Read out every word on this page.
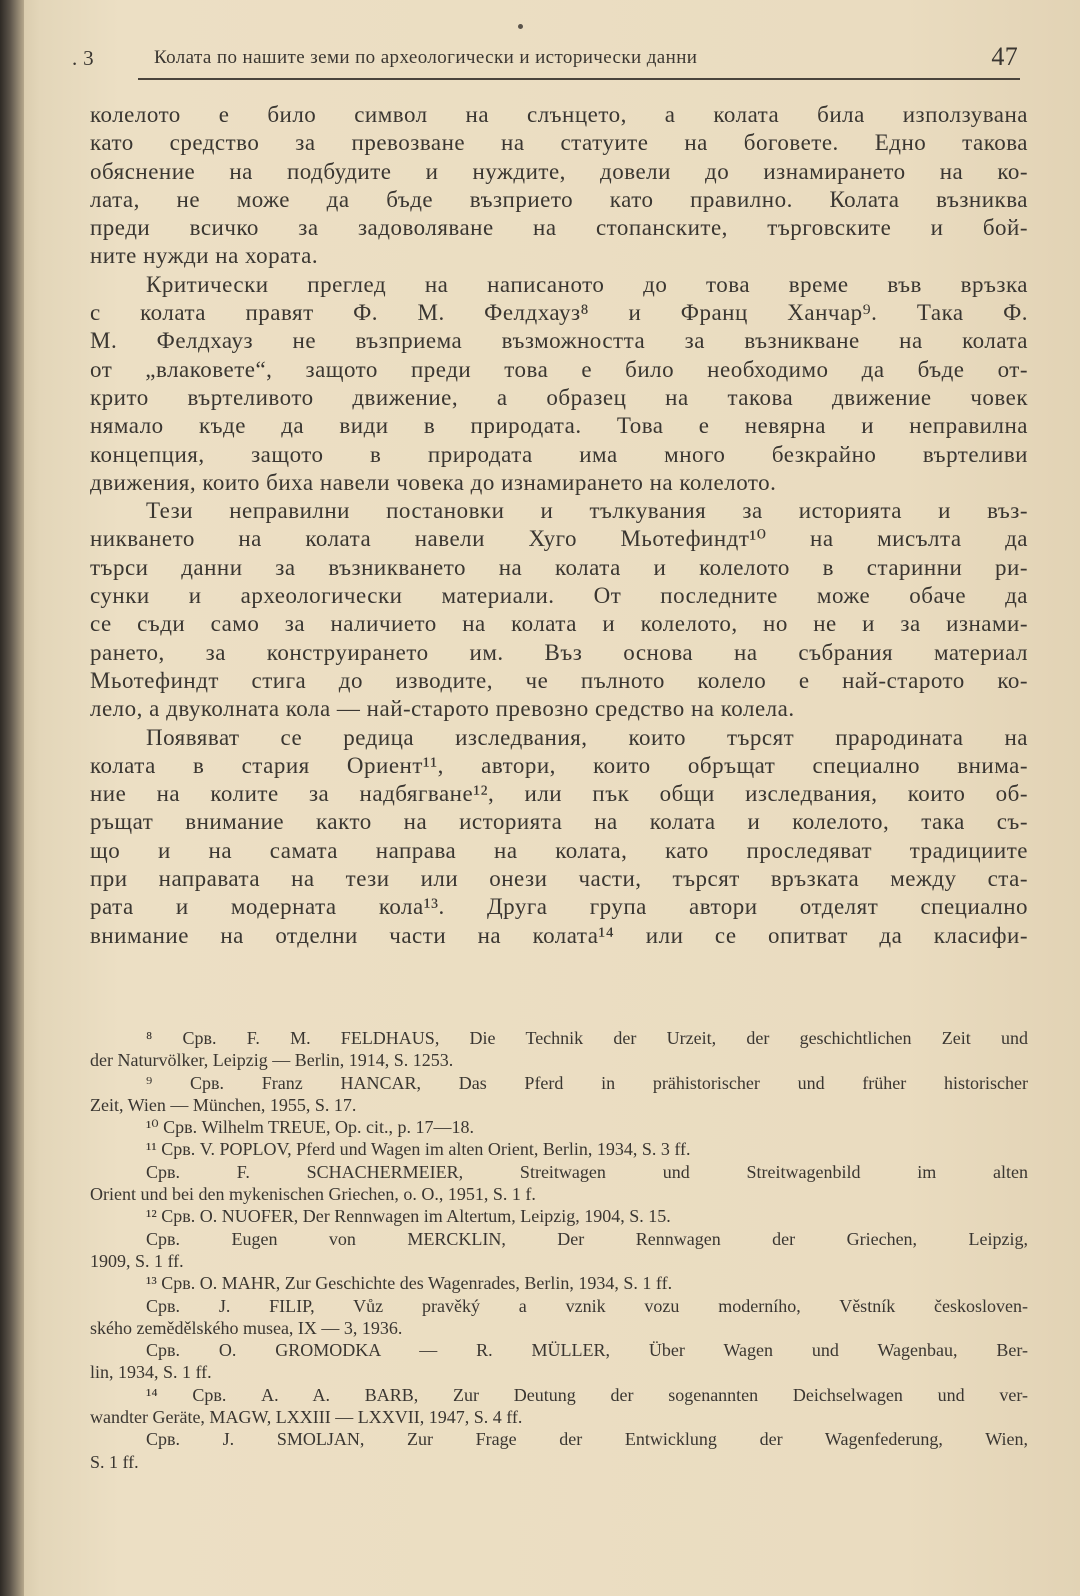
. 3	Колата по нашите земи по археологически и исторически данни	47
колелото е било символ на слънцето, а колата била използувана
като средство за превозване на статуите на боговете. Едно такова
обяснение на подбудите и нуждите, довели до изнамирането на ко-
лата, не може да бъде възприето като правилно. Колата възниква
преди всичко за задоволяване на стопанските, търговските и бой-
ните нужди на хората.
Критически преглед на написаното до това време във връзка
с колата правят Ф. М. Фелдхауз⁸ и Франц Ханчар⁹. Така Ф.
М. Фелдхауз не възприема възможността за възникване на колата
от „влаковете“, защото преди това е било необходимо да бъде от-
крито въртеливото движение, а образец на такова движение човек
нямало къде да види в природата. Това е невярна и неправилна
концепция, защото в природата има много безкрайно въртеливи
движения, които биха навели човека до изнамирането на колелото.
Тези неправилни постановки и тълкувания за историята и въз-
никването на колата навели Хуго Мьотефиндт¹⁰ на мисълта да
търси данни за възникването на колата и колелото в старинни ри-
сунки и археологически материали. От последните може обаче да
се съди само за наличието на колата и колелото, но не и за изнами-
рането, за конструирането им. Въз основа на събрания материал
Мьотефиндт стига до изводите, че пълното колело е най-старото ко-
лело, а двуколната кола — най-старото превозно средство на колела.
Появяват се редица изследвания, които търсят прародината на
колата в стария Ориент¹¹, автори, които обръщат специално внима-
ние на колите за надбягване¹², или пък общи изследвания, които об-
ръщат внимание както на историята на колата и колелото, така съ-
що и на самата направа на колата, като проследяват традициите
при направата на тези или онези части, търсят връзката между ста-
рата и модерната кола¹³. Друга група автори отделят специално
внимание на отделни части на колата¹⁴ или се опитват да класифи-
⁸ Срв. F. M. FELDHAUS, Die Technik der Urzeit, der geschichtlichen Zeit und
der Naturvölker, Leipzig — Berlin, 1914, S. 1253.
⁹ Срв. Franz HANCAR, Das Pferd in prähistorischer und früher historischer
Zeit, Wien — München, 1955, S. 17.
¹⁰ Срв. Wilhelm TREUE, Op. cit., p. 17—18.
¹¹ Срв. V. POPLOV, Pferd und Wagen im alten Orient, Berlin, 1934, S. 3 ff.
Срв. F. SCHACHERMEIER, Streitwagen und Streitwagenbild im alten
Orient und bei den mykenischen Griechen, o. O., 1951, S. 1 f.
¹² Срв. O. NUOFER, Der Rennwagen im Altertum, Leipzig, 1904, S. 15.
Срв. Eugen von MERCKLIN, Der Rennwagen der Griechen, Leipzig,
1909, S. 1 ff.
¹³ Срв. O. MAHR, Zur Geschichte des Wagenrades, Berlin, 1934, S. 1 ff.
Срв. J. FILIP, Vůz pravěký a vznik vozu moderního, Věstník českosloven-
ského zemědělského musea, IX — 3, 1936.
Срв. O. GROMODKA — R. MÜLLER, Über Wagen und Wagenbau, Ber-
lin, 1934, S. 1 ff.
¹⁴ Срв. A. A. BARB, Zur Deutung der sogenannten Deichselwagen und ver-
wandter Geräte, MAGW, LXXIII — LXXVII, 1947, S. 4 ff.
Срв. J. SMOLJAN, Zur Frage der Entwicklung der Wagenfederung, Wien,
S. 1 ff.
